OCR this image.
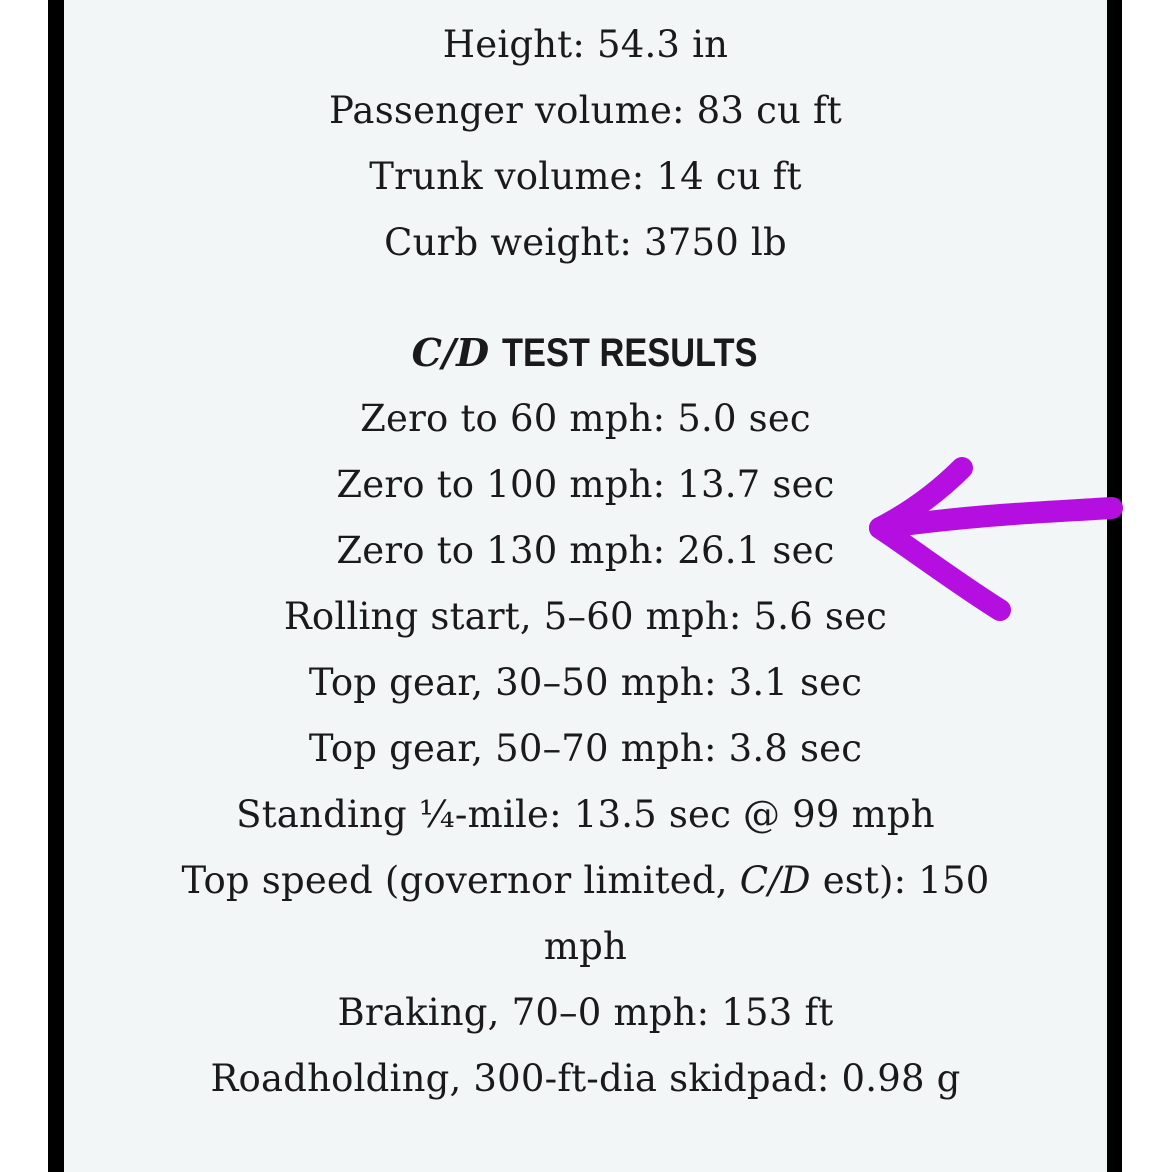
Height: 54.3 in
Passenger volume: 83 cu ft
Trunk volume: 14 cu ft
Curb weight: 3750 lb
C/D TEST RESULTS
Zero to 60 mph: 5.0 sec
Zero to 100 mph: 13.7 sec
Zero to 130 mph: 26.1 sec
Rolling start, 5–60 mph: 5.6 sec
Top gear, 30–50 mph: 3.1 sec
Top gear, 50–70 mph: 3.8 sec
Standing ¼-mile: 13.5 sec @ 99 mph
Top speed (governor limited, C/D est): 150
mph
Braking, 70–0 mph: 153 ft
Roadholding, 300-ft-dia skidpad: 0.98 g
